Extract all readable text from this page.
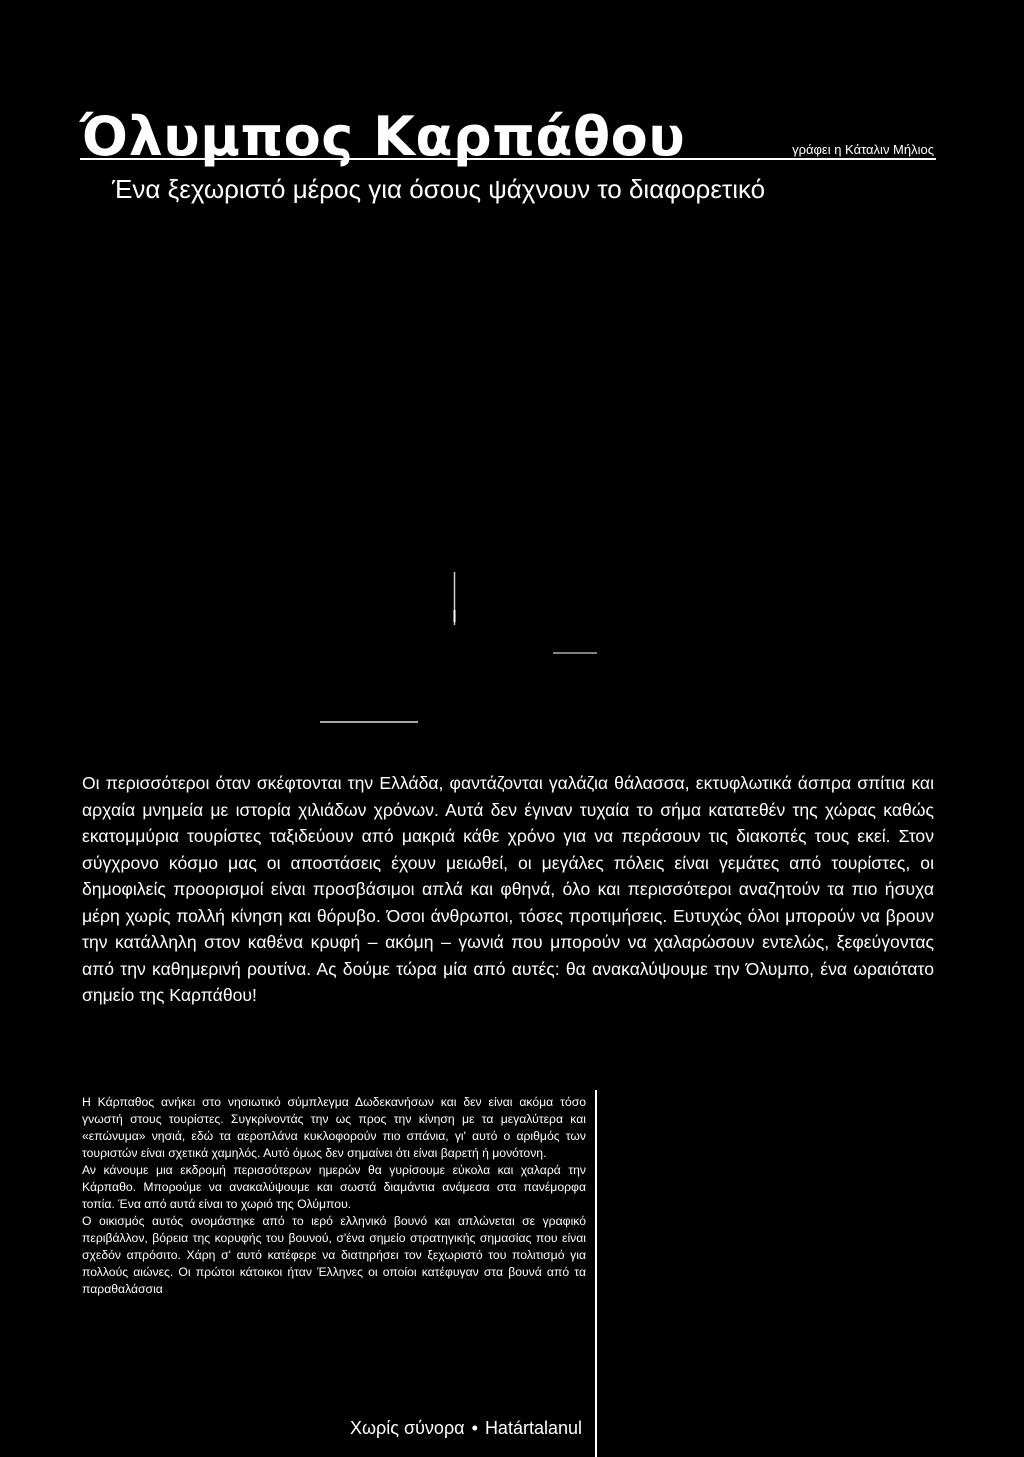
Όλυμπος Καρπάθου	γράφει η Κάταλιν Μήλιος
Ένα ξεχωριστό μέρος για όσους ψάχνουν το διαφορετικό

Οι περισσότεροι όταν σκέφτονται την Ελλάδα, φαντάζονται γαλάζια θάλασσα, εκτυφλωτικά άσπρα σπίτια και αρχαία μνημεία με ιστορία χιλιάδων χρόνων. Αυτά δεν έγιναν τυχαία το σήμα κατατεθέν της χώρας καθώς εκατομμύρια τουρίστες ταξιδεύουν από μακριά κάθε χρόνο για να περάσουν τις διακοπές τους εκεί. Στον σύγχρονο κόσμο μας οι αποστάσεις έχουν μειωθεί, οι μεγάλες πόλεις είναι γεμάτες από τουρίστες, οι δημοφιλείς προορισμοί είναι προσβάσιμοι απλά και φθηνά, όλο και περισσότεροι αναζητούν τα πιο ήσυχα μέρη χωρίς πολλή κίνηση και θόρυβο. Όσοι άνθρωποι, τόσες προτιμήσεις. Ευτυχώς όλοι μπορούν να βρουν την κατάλληλη στον καθένα κρυφή – ακόμη – γωνιά που μπορούν να χαλαρώσουν εντελώς, ξεφεύγοντας από την καθημερινή ρουτίνα. Ας δούμε τώρα μία από αυτές: θα ανακαλύψουμε την Όλυμπο, ένα ωραιότατο σημείο της Καρπάθου!

Η Κάρπαθος ανήκει στο νησιωτικό σύμπλεγμα Δωδεκανήσων και δεν είναι ακόμα τόσο γνωστή στους τουρίστες. Συγκρίνοντάς την ως προς την κίνηση με τα μεγαλύτερα και «επώνυμα» νησιά, εδώ τα αεροπλάνα κυκλοφορούν πιο σπάνια, γι' αυτό ο αριθμός των τουριστών είναι σχετικά χαμηλός. Αυτό όμως δεν σημαίνει ότι είναι βαρετή ή μονότονη.

Αν κάνουμε μια εκδρομή περισσότερων ημερών θα γυρίσουμε εύκολα και χαλαρά την Κάρπαθο. Μπορούμε να ανακαλύψουμε και σωστά διαμάντια ανάμεσα στα πανέμορφα τοπία. Ένα από αυτά είναι το χωριό της Ολύμπου.

Ο οικισμός αυτός ονομάστηκε από το ιερό ελληνικό βουνό και απλώνεται σε γραφικό περιβάλλον, βόρεια της κορυφής του βουνού, σ'ένα σημείο στρατηγικής σημασίας που είναι σχεδόν απρόσιτο. Χάρη σ' αυτό κατέφερε να διατηρήσει τον ξεχωριστό του πολιτισμό για πολλούς αιώνες. Οι πρώτοι κάτοικοι ήταν Έλληνες οι οποίοι κατέφυγαν στα βουνά από τα παραθαλάσσια

Χωρίς σύνορα • Határtalanul
